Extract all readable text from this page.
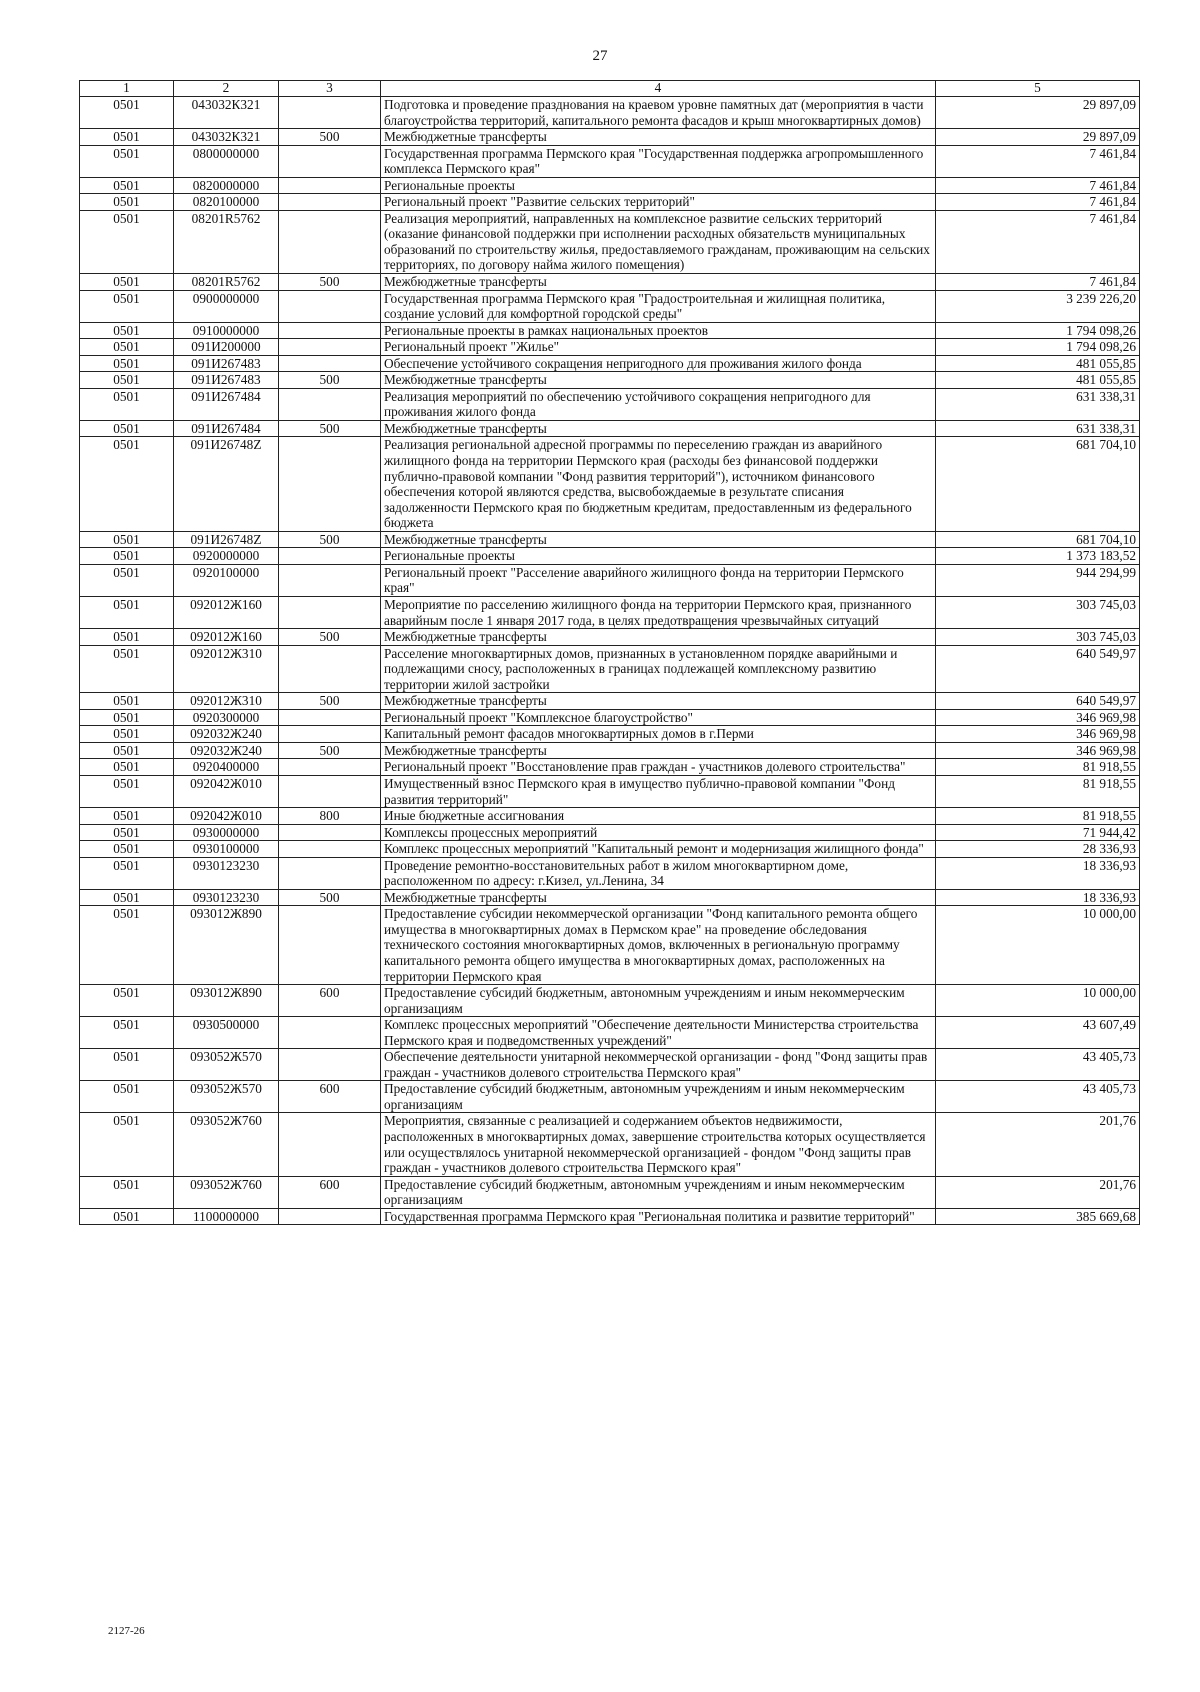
27
1	2	3	4	5
0501	043032К321		Подготовка и проведение празднования на краевом уровне памятных дат (мероприятия в части благоустройства территорий, капитального ремонта фасадов и крыш многоквартирных домов)	29 897,09
0501	043032К321	500	Межбюджетные трансферты	29 897,09
0501	0800000000		Государственная программа Пермского края "Государственная поддержка агропромышленного комплекса Пермского края"	7 461,84
0501	0820000000		Региональные проекты	7 461,84
0501	0820100000		Региональный проект "Развитие сельских территорий"	7 461,84
0501	08201R5762		Реализация мероприятий, направленных на комплексное развитие сельских территорий (оказание финансовой поддержки при исполнении расходных обязательств муниципальных образований по строительству жилья, предоставляемого гражданам, проживающим на сельских территориях, по договору найма жилого помещения)	7 461,84
0501	08201R5762	500	Межбюджетные трансферты	7 461,84
0501	0900000000		Государственная программа Пермского края "Градостроительная и жилищная политика, создание условий для комфортной городской среды"	3 239 226,20
0501	0910000000		Региональные проекты в рамках национальных проектов	1 794 098,26
0501	091И200000		Региональный проект "Жилье"	1 794 098,26
0501	091И267483		Обеспечение устойчивого сокращения непригодного для проживания жилого фонда	481 055,85
0501	091И267483	500	Межбюджетные трансферты	481 055,85
0501	091И267484		Реализация мероприятий по обеспечению устойчивого сокращения непригодного для проживания жилого фонда	631 338,31
0501	091И267484	500	Межбюджетные трансферты	631 338,31
0501	091И26748Z		Реализация региональной адресной программы по переселению граждан из аварийного жилищного фонда на территории Пермского края (расходы без финансовой поддержки публично-правовой компании "Фонд развития территорий"), источником финансового обеспечения которой являются средства, высвобождаемые в результате списания задолженности Пермского края по бюджетным кредитам, предоставленным из федерального бюджета	681 704,10
0501	091И26748Z	500	Межбюджетные трансферты	681 704,10
0501	0920000000		Региональные проекты	1 373 183,52
0501	0920100000		Региональный проект "Расселение аварийного жилищного фонда на территории Пермского края"	944 294,99
0501	092012Ж160		Мероприятие по расселению жилищного фонда на территории Пермского края, признанного аварийным после 1 января 2017 года, в целях предотвращения чрезвычайных ситуаций	303 745,03
0501	092012Ж160	500	Межбюджетные трансферты	303 745,03
0501	092012Ж310		Расселение многоквартирных домов, признанных в установленном порядке аварийными и подлежащими сносу, расположенных в границах подлежащей комплексному развитию территории жилой застройки	640 549,97
0501	092012Ж310	500	Межбюджетные трансферты	640 549,97
0501	0920300000		Региональный проект "Комплексное благоустройство"	346 969,98
0501	092032Ж240		Капитальный ремонт фасадов многоквартирных домов в г.Перми	346 969,98
0501	092032Ж240	500	Межбюджетные трансферты	346 969,98
0501	0920400000		Региональный проект "Восстановление прав граждан - участников долевого строительства"	81 918,55
0501	092042Ж010		Имущественный взнос Пермского края в имущество публично-правовой компании "Фонд развития территорий"	81 918,55
0501	092042Ж010	800	Иные бюджетные ассигнования	81 918,55
0501	0930000000		Комплексы процессных мероприятий	71 944,42
0501	0930100000		Комплекс процессных мероприятий "Капитальный ремонт и модернизация жилищного фонда"	28 336,93
0501	0930123230		Проведение ремонтно-восстановительных работ в жилом многоквартирном доме, расположенном по адресу: г.Кизел, ул.Ленина, 34	18 336,93
0501	0930123230	500	Межбюджетные трансферты	18 336,93
0501	093012Ж890		Предоставление субсидии некоммерческой организации "Фонд капитального ремонта общего имущества в многоквартирных домах в Пермском крае" на проведение обследования технического состояния многоквартирных домов, включенных в региональную программу капитального ремонта общего имущества в многоквартирных домах, расположенных на территории Пермского края	10 000,00
0501	093012Ж890	600	Предоставление субсидий бюджетным, автономным учреждениям и иным некоммерческим организациям	10 000,00
0501	0930500000		Комплекс процессных мероприятий "Обеспечение деятельности Министерства строительства Пермского края и подведомственных учреждений"	43 607,49
0501	093052Ж570		Обеспечение деятельности унитарной некоммерческой организации - фонд "Фонд защиты прав граждан - участников долевого строительства Пермского края"	43 405,73
0501	093052Ж570	600	Предоставление субсидий бюджетным, автономным учреждениям и иным некоммерческим организациям	43 405,73
0501	093052Ж760		Мероприятия, связанные с реализацией и содержанием объектов недвижимости, расположенных в многоквартирных домах, завершение строительства которых осуществляется или осуществлялось унитарной некоммерческой организацией - фондом "Фонд защиты прав граждан - участников долевого строительства Пермского края"	201,76
0501	093052Ж760	600	Предоставление субсидий бюджетным, автономным учреждениям и иным некоммерческим организациям	201,76
0501	1100000000		Государственная программа Пермского края "Региональная политика и развитие территорий"	385 669,68
2127-26
